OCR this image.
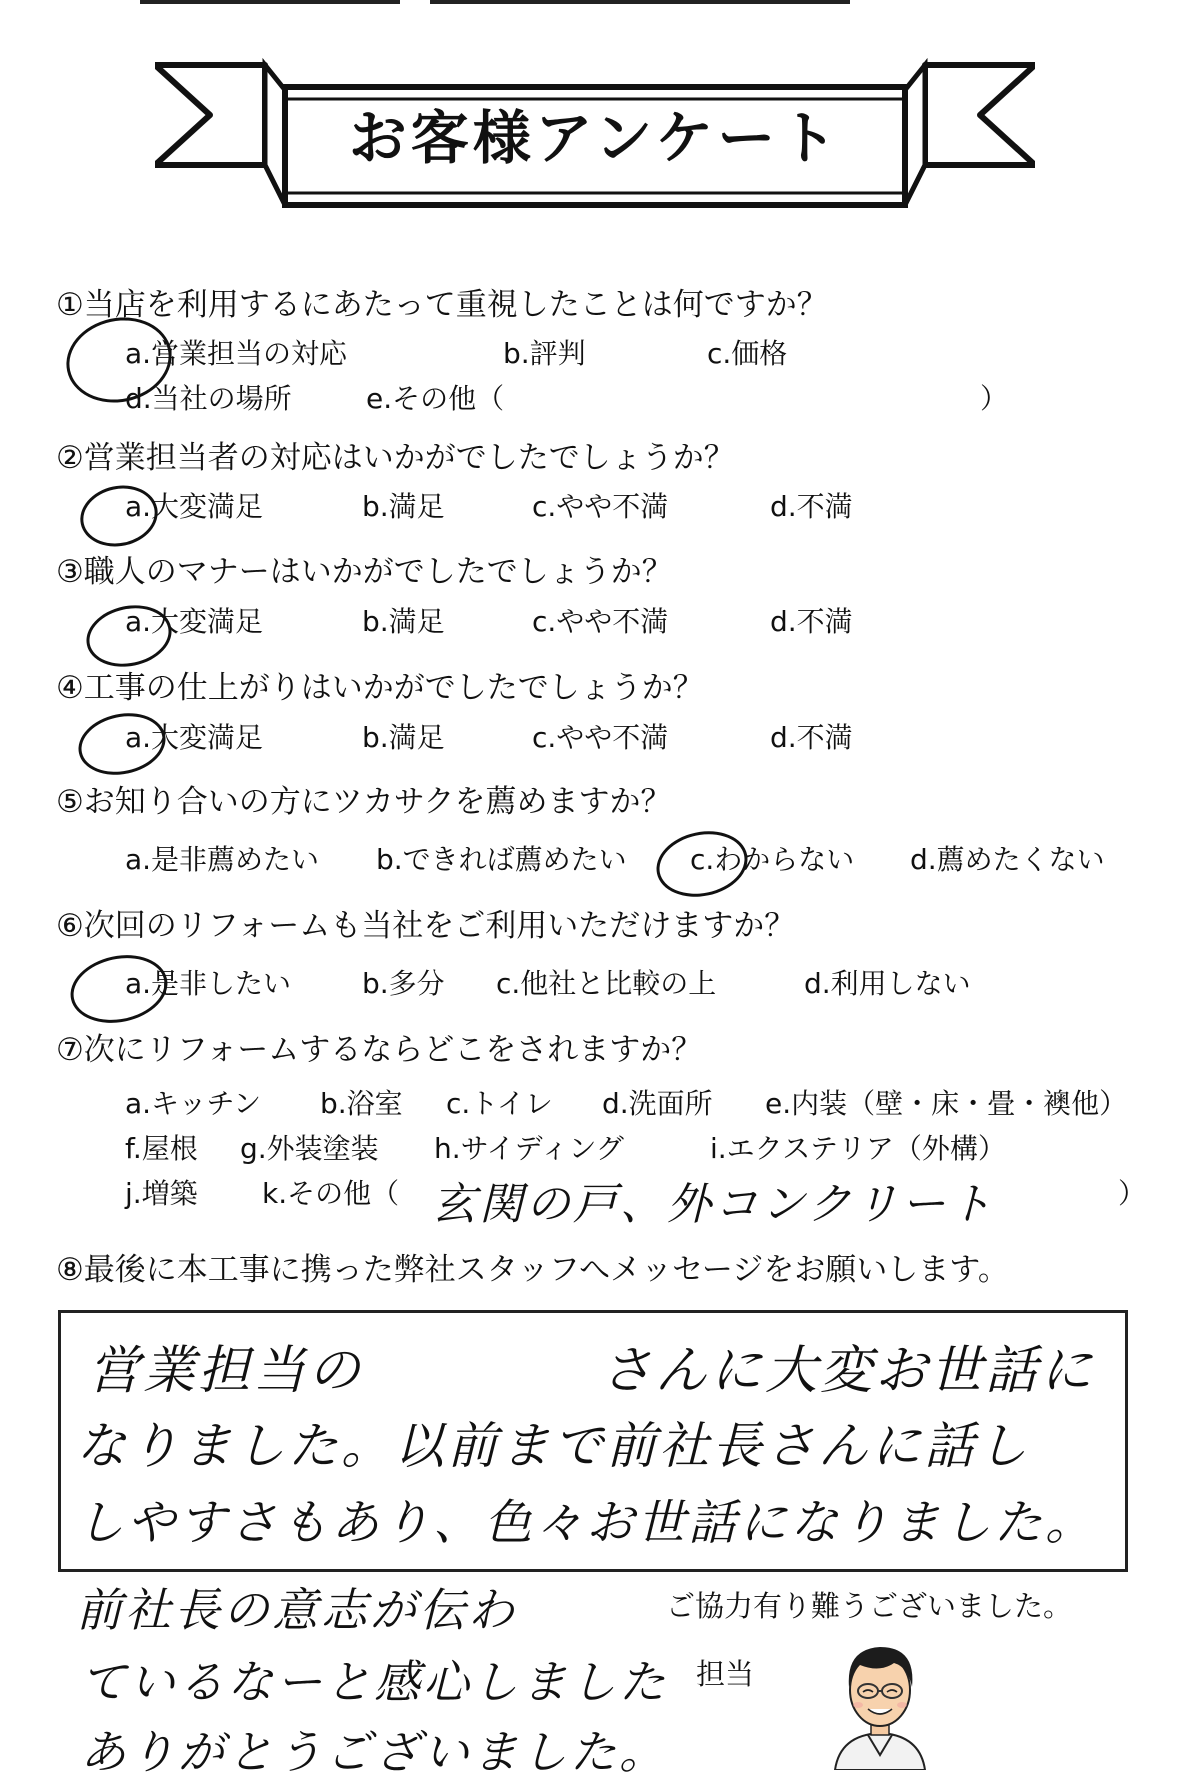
お客様アンケート
①当店を利用するにあたって重視したことは何ですか？
a.営業担当の対応	b.評判	c.価格
d.当社の場所	e.その他（	）
②営業担当者の対応はいかがでしたでしょうか？
a.大変満足	b.満足	c.やや不満	d.不満
③職人のマナーはいかがでしたでしょうか？
a.大変満足	b.満足	c.やや不満	d.不満
④工事の仕上がりはいかがでしたでしょうか？
a.大変満足	b.満足	c.やや不満	d.不満
⑤お知り合いの方にツカサクを薦めますか？
a.是非薦めたい b.できれば薦めたい c.わからない d.薦めたくない
⑥次回のリフォームも当社をご利用いただけますか？
a.是非したい	b.多分 c.他社と比較の上	d.利用しない
⑦次にリフォームするならどこをされますか？
a.キッチン b.浴室 c.トイレ d.洗面所 e.内装（壁・床・畳・襖他）
f.屋根 g.外装塗装 h.サイディング	i.エクステリア（外構）
j.増築 k.その他（	）
玄関の戸、外コンクリート
⑧最後に本工事に携った弊社スタッフへメッセージをお願いします。
営業担当の	さんに大変お世話に
なりました。以前まで前社長さんに話し
しやすさもあり、色々お世話になりました。
前社長の意志が伝わ	ご協力有り難うございました。
ているなーと感心しました 担当
ありがとうございました。
